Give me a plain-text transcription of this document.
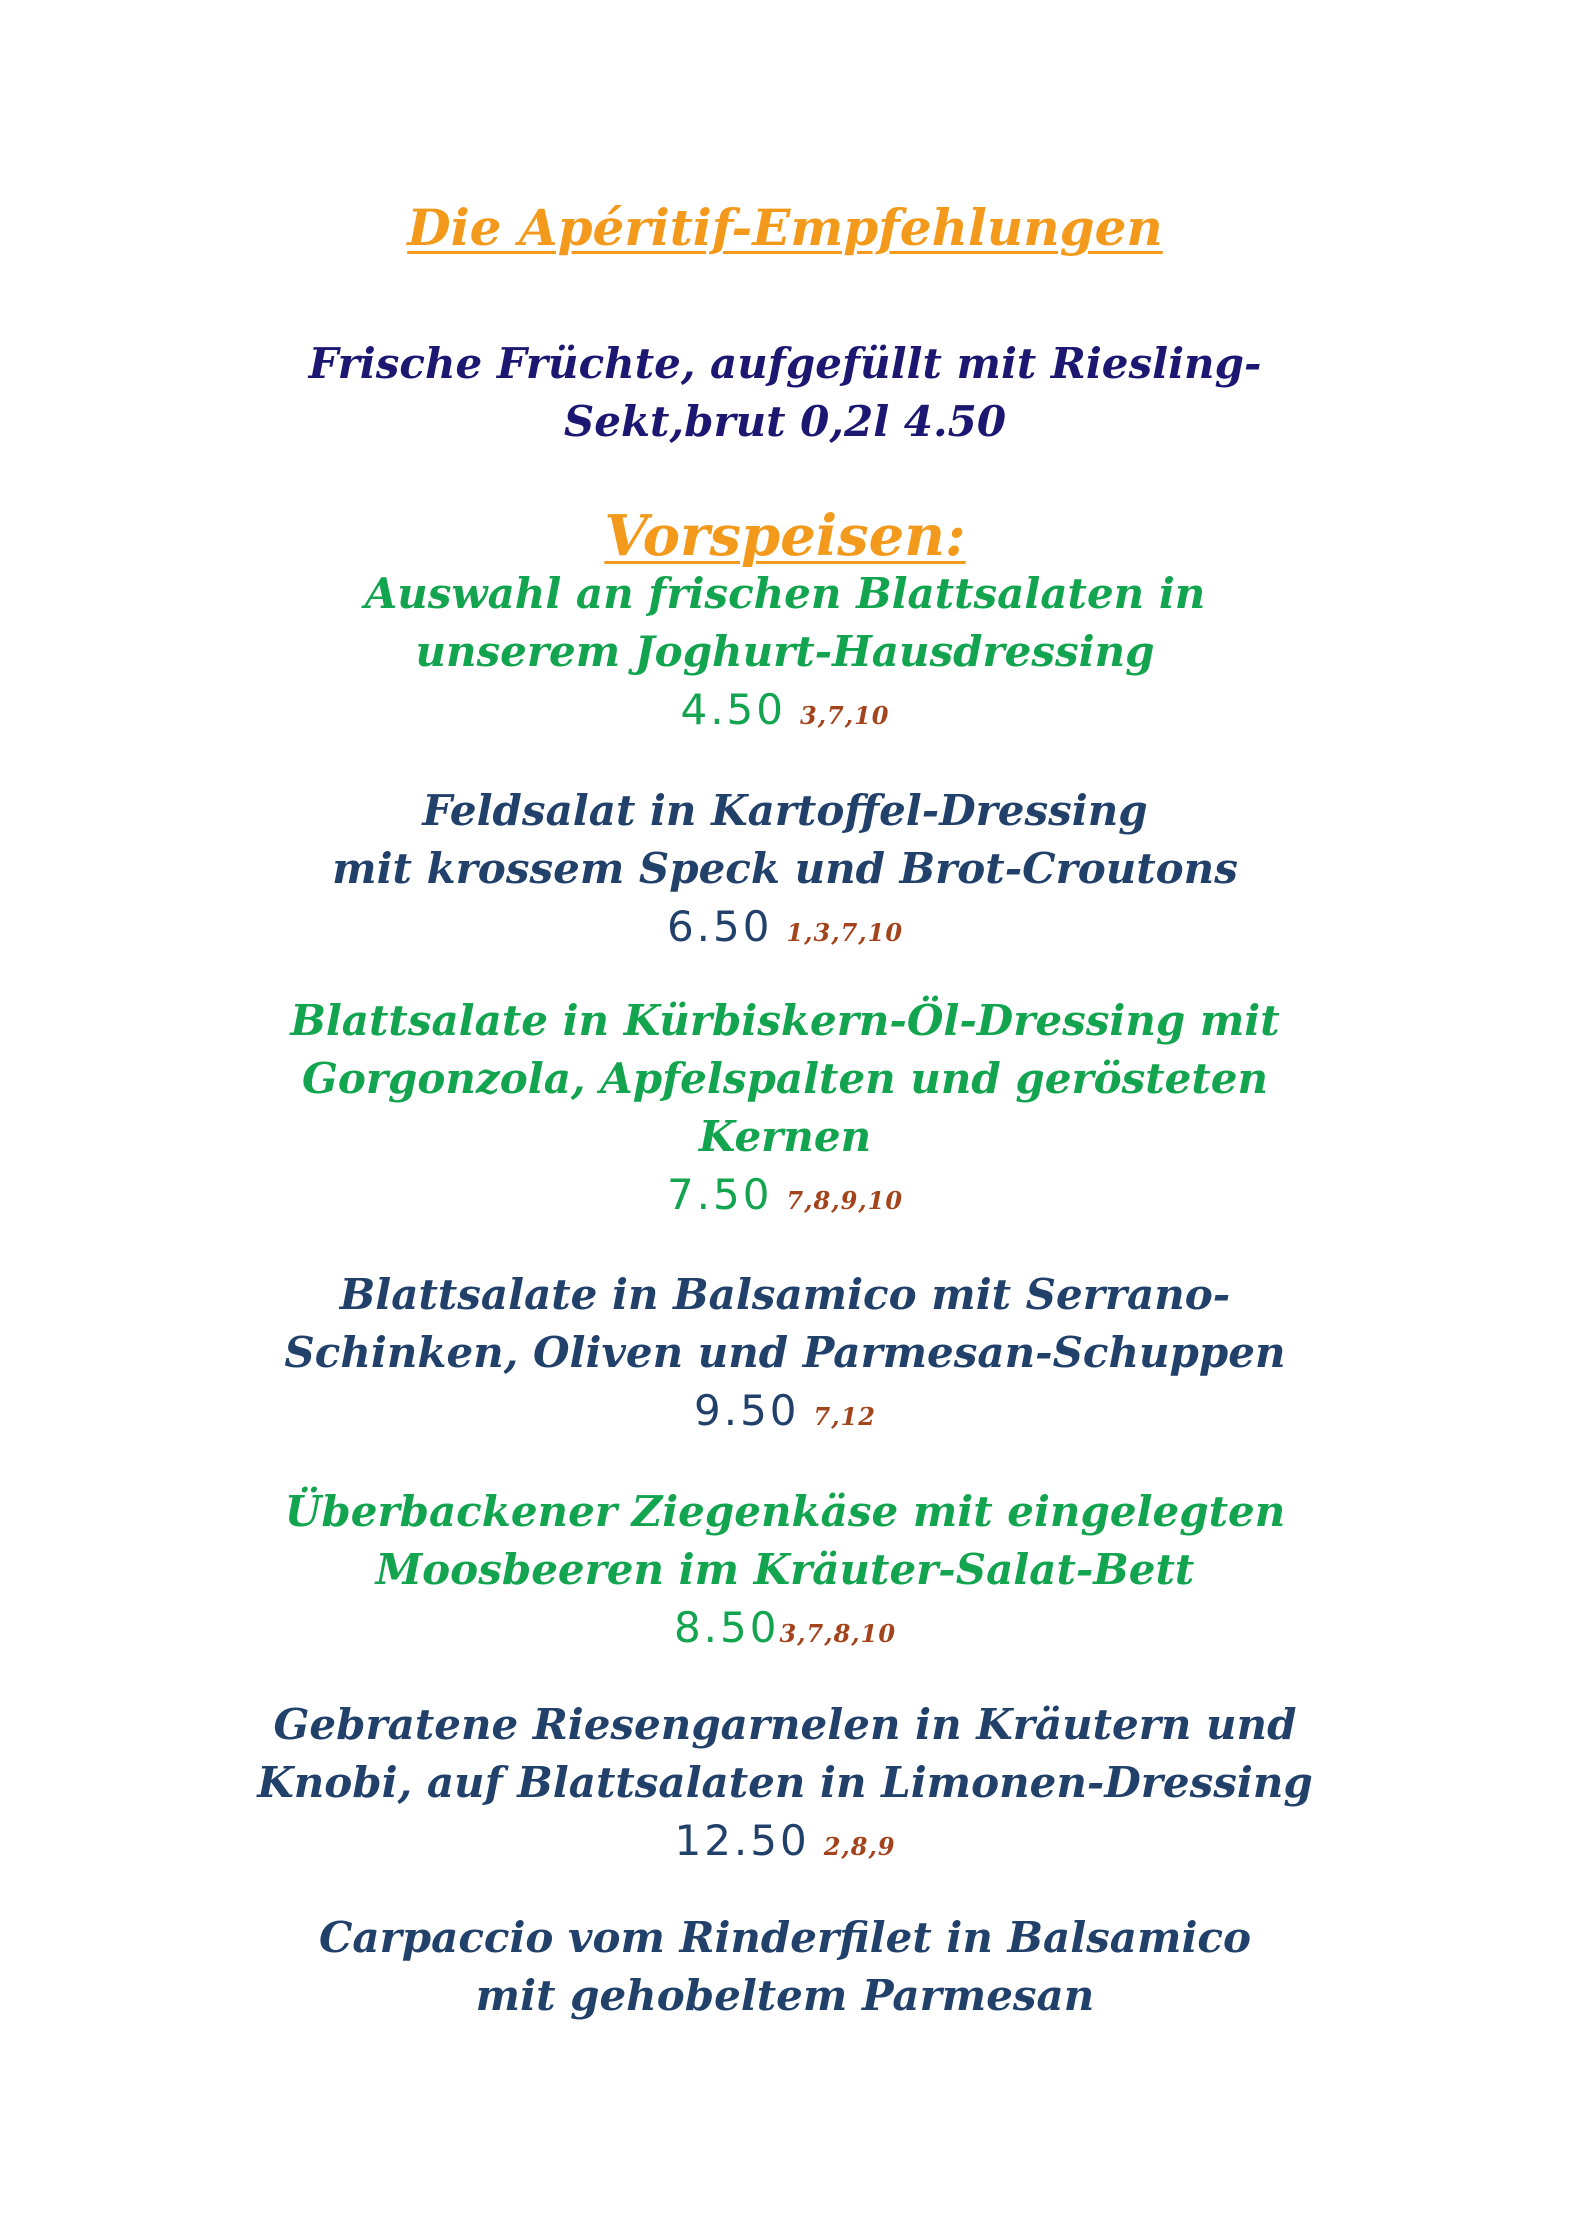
Die Apéritif-Empfehlungen
Frische Früchte, aufgefüllt mit Riesling-
Sekt,brut 0,2l 4.50
Vorspeisen:
Auswahl an frischen Blattsalaten in
unserem Joghurt-Hausdressing
4.50 3,7,10
Feldsalat in Kartoffel-Dressing
mit krossem Speck und Brot-Croutons
6.50 1,3,7,10
Blattsalate in Kürbiskern-Öl-Dressing mit
Gorgonzola, Apfelspalten und gerösteten
Kernen
7.50 7,8,9,10
Blattsalate in Balsamico mit Serrano-
Schinken, Oliven und Parmesan-Schuppen
9.50 7,12
Überbackener Ziegenkäse mit eingelegten
Moosbeeren im Kräuter-Salat-Bett
8.503,7,8,10
Gebratene Riesengarnelen in Kräutern und
Knobi, auf Blattsalaten in Limonen-Dressing
12.50 2,8,9
Carpaccio vom Rinderfilet in Balsamico
mit gehobeltem Parmesan
